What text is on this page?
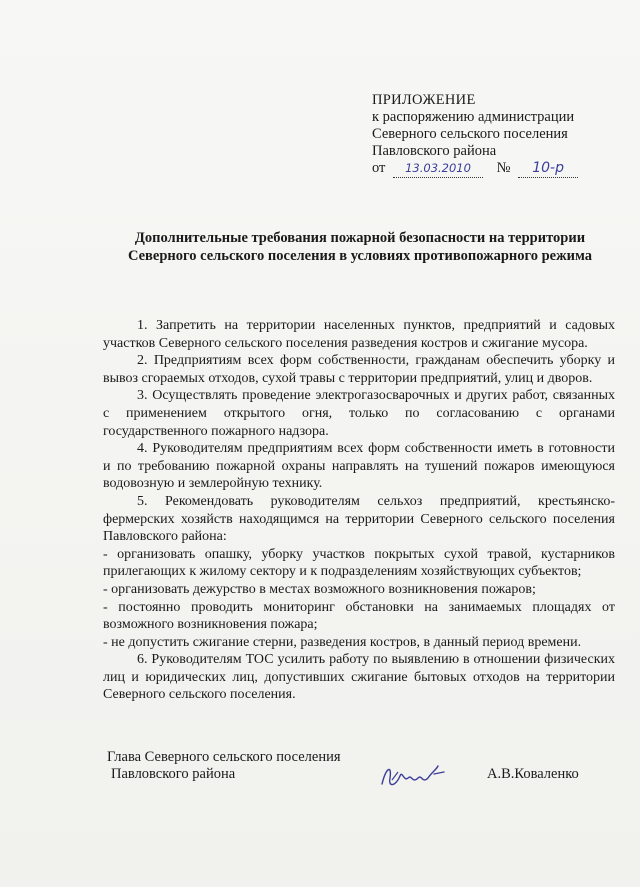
ПРИЛОЖЕНИЕ
к распоряжению администрации
Северного сельского поселения
Павловского района
от 13.03.2010 № 10-р
Дополнительные требования пожарной безопасности на территории
Северного сельского поселения в условиях противопожарного режима
1. Запретить на территории населенных пунктов, предприятий и садовых участков Северного сельского поселения разведения костров и сжигание мусора.
2. Предприятиям всех форм собственности, гражданам обеспечить уборку и вывоз сгораемых отходов, сухой травы с территории предприятий, улиц и дворов.
3. Осуществлять проведение электрогазосварочных и других работ, связанных с применением открытого огня, только по согласованию с органами государственного пожарного надзора.
4. Руководителям предприятиям всех форм собственности иметь в готовности и по требованию пожарной охраны направлять на тушений пожаров имеющуюся водовозную и землеройную технику.
5. Рекомендовать руководителям сельхоз предприятий, крестьянско-фермерских хозяйств находящимся на территории Северного сельского поселения Павловского района:
- организовать опашку, уборку участков покрытых сухой травой, кустарников прилегающих к жилому сектору и к подразделениям хозяйствующих субъектов;
- организовать дежурство в местах возможного возникновения пожаров;
- постоянно проводить мониторинг обстановки на занимаемых площадях от возможного возникновения пожара;
- не допустить сжигание стерни, разведения костров, в данный период времени.
6. Руководителям ТОС усилить работу по выявлению в отношении физических лиц и юридических лиц, допустивших сжигание бытовых отходов на территории Северного сельского поселения.
Глава Северного сельского поселения
Павловского района	А.В.Коваленко
